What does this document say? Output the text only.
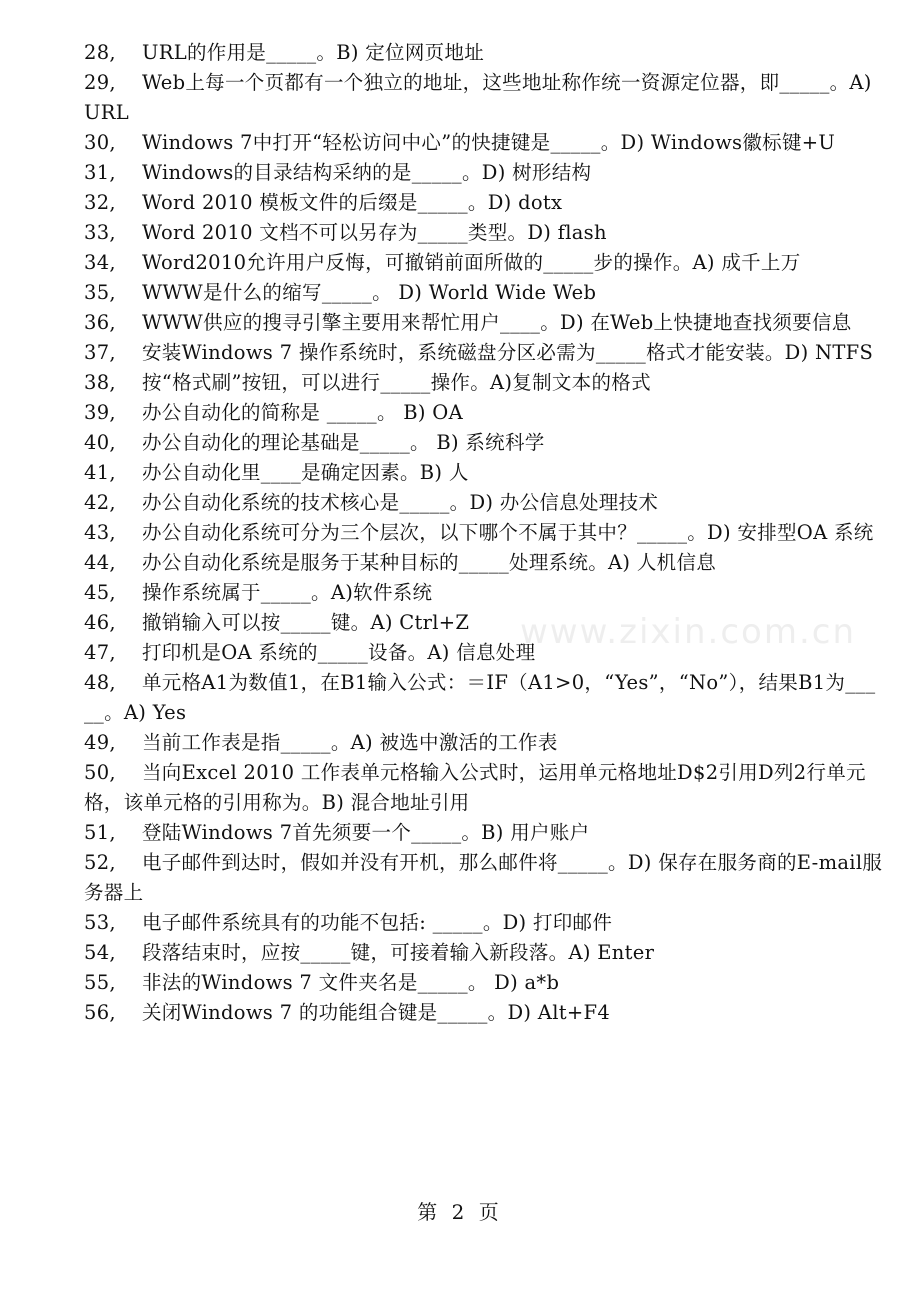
28, URL的作用是_____。B) 定位网页地址
29, Web上每一个页都有一个独立的地址，这些地址称作统一资源定位器，即_____。A) URL
30, Windows 7中打开“轻松访问中心”的快捷键是_____。D) Windows徽标键+U
31, Windows的目录结构采纳的是_____。D) 树形结构
32, Word 2010 模板文件的后缀是_____。D) dotx
33, Word 2010 文档不可以另存为_____类型。D) flash
34, Word2010允许用户反悔，可撤销前面所做的_____步的操作。A) 成千上万
35, WWW是什么的缩写_____。 D) World Wide Web
36, WWW供应的搜寻引擎主要用来帮忙用户____。D) 在Web上快捷地查找须要信息
37, 安装Windows 7 操作系统时，系统磁盘分区必需为_____格式才能安装。D) NTFS
38, 按“格式刷”按钮，可以进行_____操作。A)复制文本的格式
39, 办公自动化的简称是 _____。 B) OA
40, 办公自动化的理论基础是_____。 B) 系统科学
41, 办公自动化里____是确定因素。B) 人
42, 办公自动化系统的技术核心是_____。D) 办公信息处理技术
43, 办公自动化系统可分为三个层次，以下哪个不属于其中？_____。D) 安排型OA 系统
44, 办公自动化系统是服务于某种目标的_____处理系统。A) 人机信息
45, 操作系统属于_____。A)软件系统
46, 撤销输入可以按_____键。A) Ctrl+Z
47, 打印机是OA 系统的_____设备。A) 信息处理
48, 单元格A1为数值1，在B1输入公式：＝IF（A1>0，“Yes”，“No”），结果B1为_____。A) Yes
49, 当前工作表是指_____。A) 被选中激活的工作表
50, 当向Excel 2010 工作表单元格输入公式时，运用单元格地址D$2引用D列2行单元格，该单元格的引用称为。B) 混合地址引用
51, 登陆Windows 7首先须要一个_____。B) 用户账户
52, 电子邮件到达时，假如并没有开机，那么邮件将_____。D) 保存在服务商的E-mail服务器上
53, 电子邮件系统具有的功能不包括: _____。D) 打印邮件
54, 段落结束时，应按_____键，可接着输入新段落。A) Enter
55, 非法的Windows 7 文件夹名是_____。 D) a*b
56, 关闭Windows 7 的功能组合键是_____。D) Alt+F4
www.zixin.com.cn
第 2 页
